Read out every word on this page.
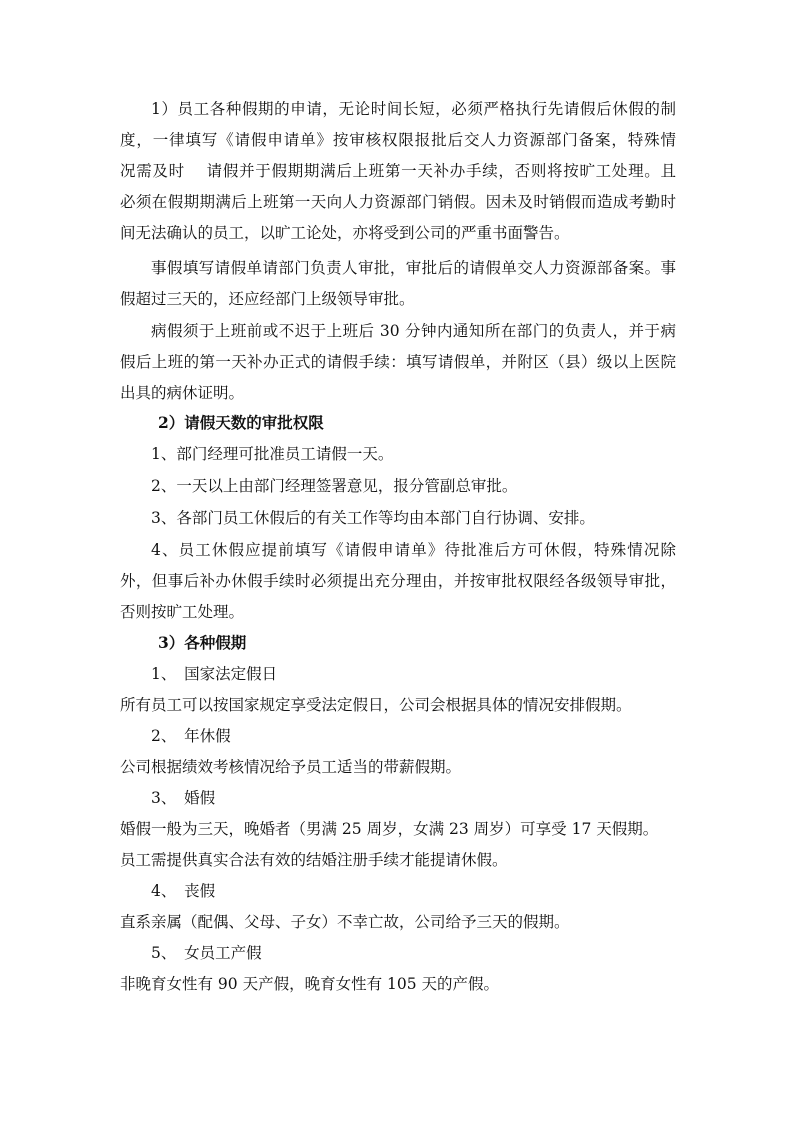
1）员工各种假期的申请，无论时间长短，必须严格执行先请假后休假的制
度，一律填写《请假申请单》按审核权限报批后交人力资源部门备案，特殊情
况需及时　 请假并于假期期满后上班第一天补办手续，否则将按旷工处理。且
必须在假期期满后上班第一天向人力资源部门销假。因未及时销假而造成考勤时
间无法确认的员工，以旷工论处，亦将受到公司的严重书面警告。
事假填写请假单请部门负责人审批，审批后的请假单交人力资源部备案。事
假超过三天的，还应经部门上级领导审批。
病假须于上班前或不迟于上班后 30 分钟内通知所在部门的负责人，并于病
假后上班的第一天补办正式的请假手续：填写请假单，并附区（县）级以上医院
出具的病休证明。
2）请假天数的审批权限
1、部门经理可批准员工请假一天。
2、一天以上由部门经理签署意见，报分管副总审批。
3、各部门员工休假后的有关工作等均由本部门自行协调、安排。
4、员工休假应提前填写《请假申请单》待批准后方可休假，特殊情况除
外，但事后补办休假手续时必须提出充分理由，并按审批权限经各级领导审批，
否则按旷工处理。
3）各种假期
1、　国家法定假日
所有员工可以按国家规定享受法定假日，公司会根据具体的情况安排假期。
2、　年休假
公司根据绩效考核情况给予员工适当的带薪假期。
3、　婚假
婚假一般为三天，晚婚者（男满 25 周岁，女满 23 周岁）可享受 17 天假期。
员工需提供真实合法有效的结婚注册手续才能提请休假。
4、　丧假
直系亲属（配偶、父母、子女）不幸亡故，公司给予三天的假期。
5、　女员工产假
非晚育女性有 90 天产假，晚育女性有 105 天的产假。
